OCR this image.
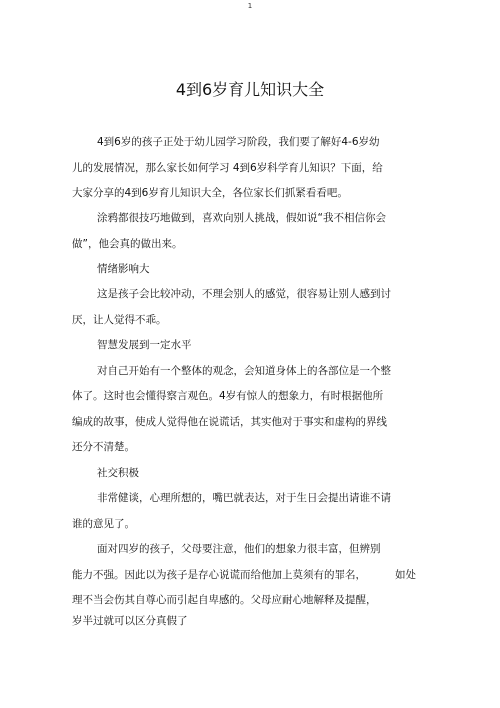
1
4到6岁育儿知识大全
4到6岁的孩子正处于幼儿园学习阶段，我们要了解好4-6岁幼
儿的发展情况，那么家长如何学习 4到6岁科学育儿知识？下面，给
大家分享的4到6岁育儿知识大全，各位家长们抓紧看看吧。
涂鸦都很技巧地做到，喜欢向别人挑战，假如说“我不相信你会
做”，他会真的做出来。
情绪影响大
这是孩子会比较冲动，不理会别人的感觉，很容易让别人感到讨
厌，让人觉得不乖。
智慧发展到一定水平
对自己开始有一个整体的观念，会知道身体上的各部位是一个整
体了。这时也会懂得察言观色。4岁有惊人的想象力，有时根据他所
编成的故事，使成人觉得他在说谎话，其实他对于事实和虚构的界线
还分不清楚。
社交积极
非常健谈，心理所想的，嘴巴就表达，对于生日会提出请谁不请
谁的意见了。
面对四岁的孩子，父母要注意，他们的想象力很丰富，但辨别
能力不强。因此以为孩子是存心说谎而给他加上莫须有的罪名，	如处
理不当会伤其自尊心而引起自卑感的。父母应耐心地解释及提醒，
岁半过就可以区分真假了
